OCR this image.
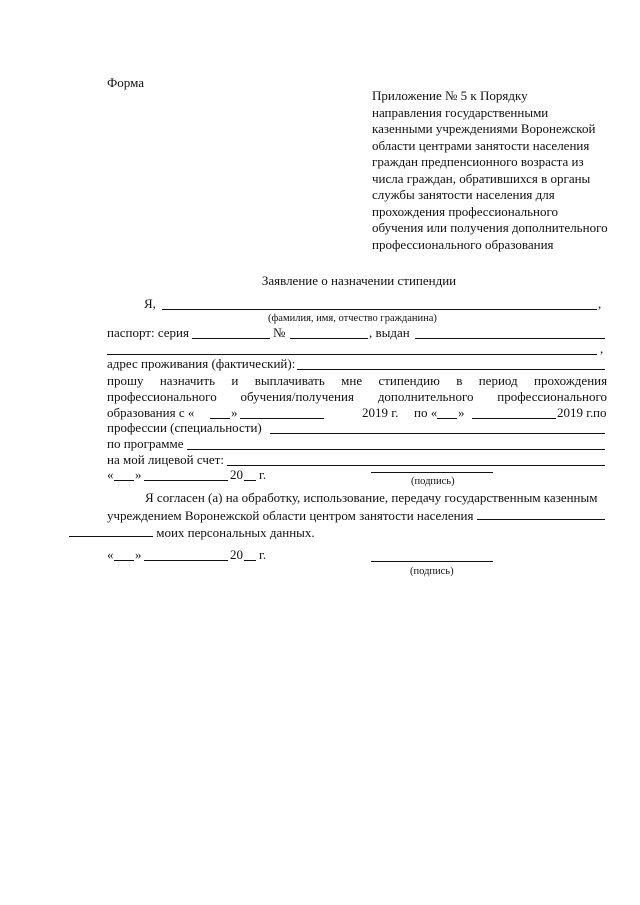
Форма
Приложение № 5 к Порядку
направления государственными
казенными учреждениями Воронежской
области центрами занятости населения
граждан предпенсионного возраста из
числа граждан, обратившихся в органы
службы занятости населения для
прохождения профессионального
обучения или получения дополнительного
профессионального образования
Заявление о назначении стипендии
Я,	,
(фамилия, имя, отчество гражданина)
паспорт: серия	№	, выдан
,
адрес проживания (фактический):
прошу назначить и выплачивать мне стипендию в период прохождения
профессионального обучения/получения дополнительного профессионального
образования с «	»	2019 г. по « »	2019 г. по
профессии (специальности)
по программе
на мой лицевой счет:
« »	20 г.	(подпись)
Я согласен (а) на обработку, использование, передачу государственным казенным учреждением Воронежской области центром занятости населения
моих персональных данных.
« »	20 г.
(подпись)
